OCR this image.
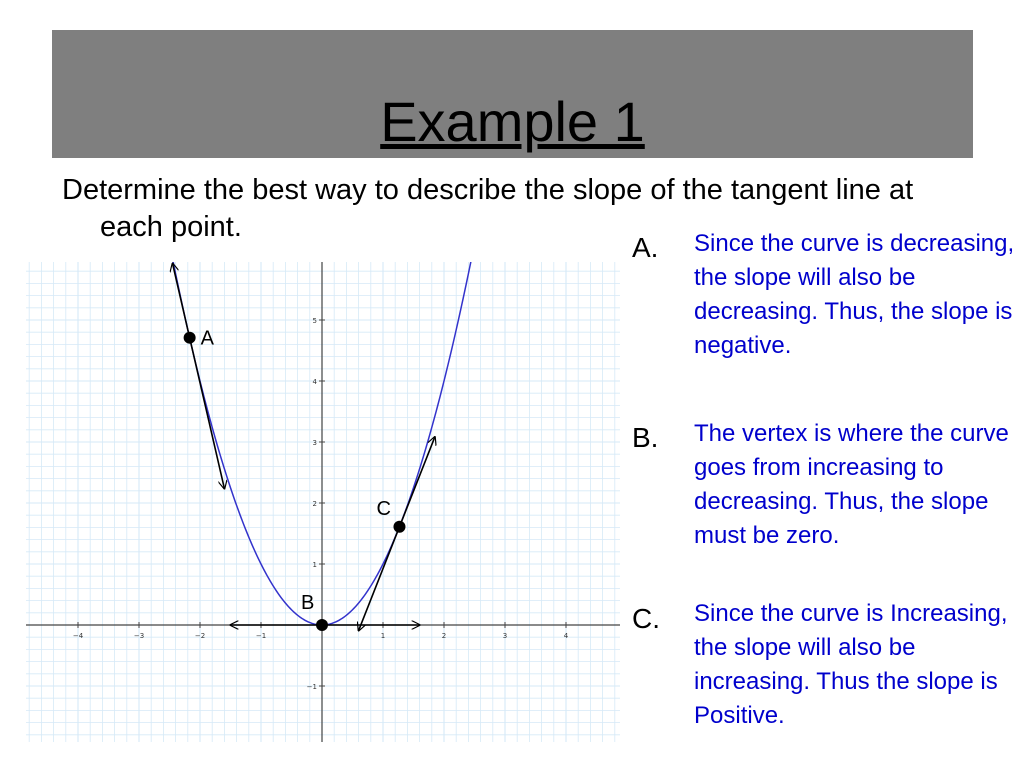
Example 1
Determine the best way to describe the slope of the tangent line at each point.
−4	−3	−2	−1	1	2	3	4
−1
1
2
3
4
5
A
B
C
A. Since the curve is decreasing, the slope will also be decreasing. Thus, the slope is negative.
B. The vertex is where the curve goes from increasing to decreasing. Thus, the slope must be zero.
C. Since the curve is Increasing, the slope will also be increasing. Thus the slope is Positive.
